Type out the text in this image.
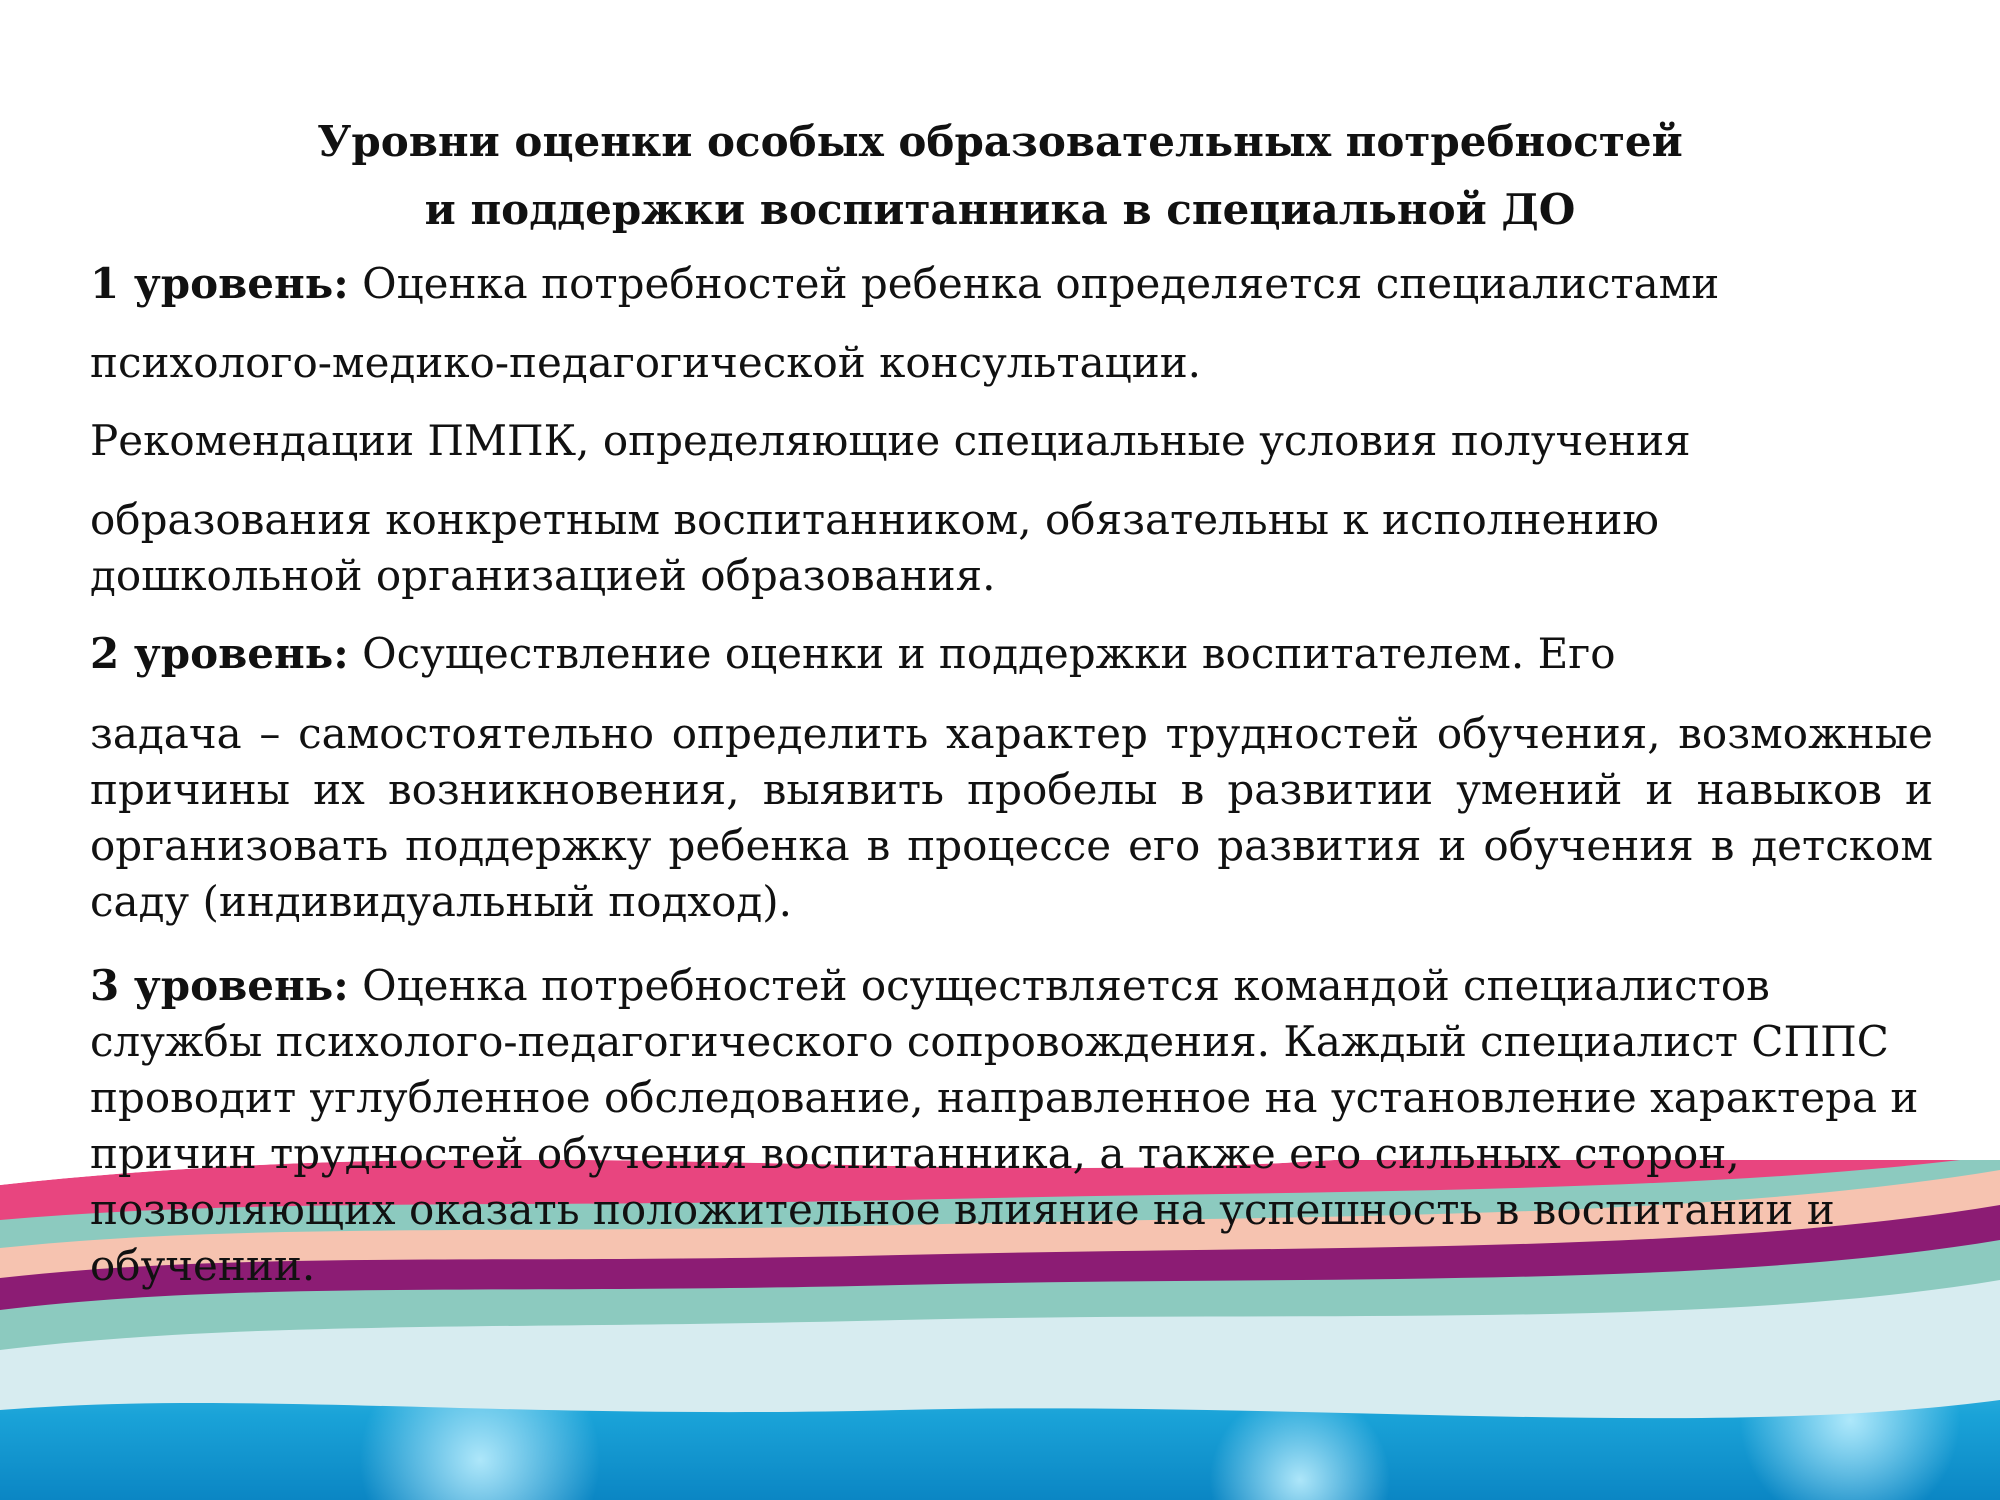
Уровни оценки особых образовательных потребностей
и поддержки воспитанника в специальной ДО

1 уровень: Оценка потребностей ребенка определяется специалистами

психолого-медико-педагогической консультации.

Рекомендации ПМПК, определяющие специальные условия получения

образования конкретным воспитанником, обязательны к исполнению

дошкольной организацией образования.

2 уровень: Осуществление оценки и поддержки воспитателем. Его

задача – самостоятельно определить характер трудностей обучения, возможные причины их возникновения, выявить пробелы в развитии умений и навыков и организовать поддержку ребенка в процессе его развития и обучения в детском саду (индивидуальный подход).

3 уровень: Оценка потребностей осуществляется командой специалистов службы психолого-педагогического сопровождения. Каждый специалист СППС проводит углубленное обследование, направленное на установление характера и причин трудностей обучения воспитанника, а также его сильных сторон, позволяющих оказать положительное влияние на успешность в воспитании и обучении.
